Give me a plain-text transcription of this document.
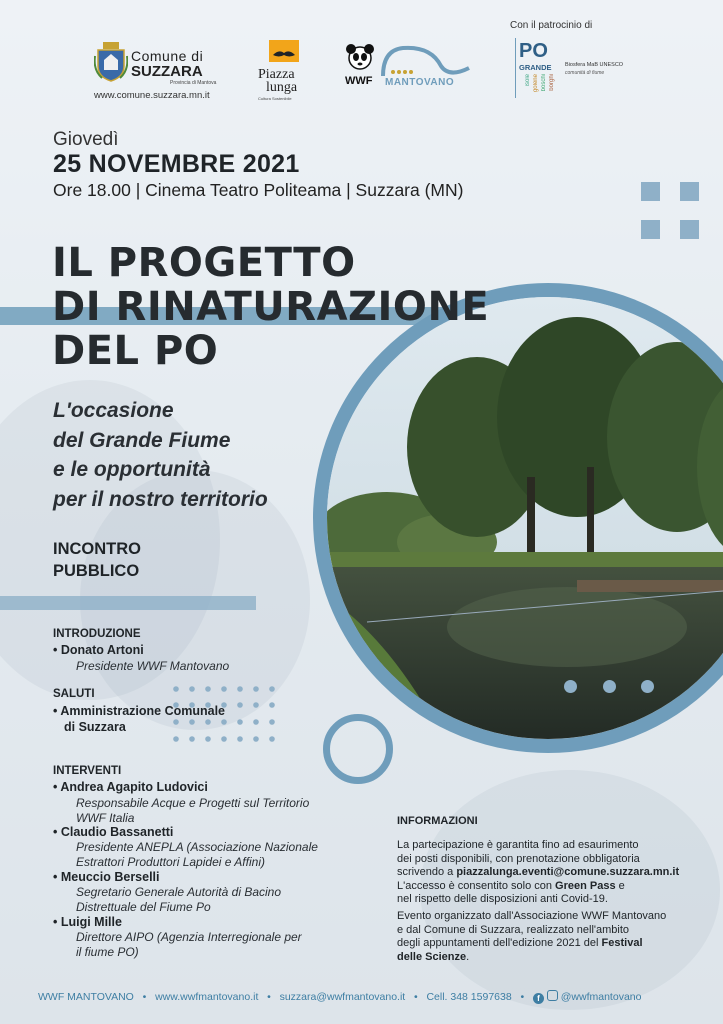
Comune di
SUZZARA
Provincia di Mantova
www.comune.suzzara.mn.it
Piazza
lunga
Cultura Sostenibile
WWF MANTOVANO
Con il patrocinio di
PO
GRANDE
isole golene boschi borghi
Biosfera MaB UNESCO
comunità di fiume
Giovedì
25 NOVEMBRE 2021
Ore 18.00 | Cinema Teatro Politeama | Suzzara (MN)
IL PROGETTO
DI RINATURAZIONE
DEL PO
L'occasione
del Grande Fiume
e le opportunità
per il nostro territorio
INCONTRO
PUBBLICO
INTRODUZIONE
• Donato Artoni
Presidente WWF Mantovano
SALUTI
• Amministrazione Comunale
di Suzzara
INTERVENTI
• Andrea Agapito Ludovici
Responsabile Acque e Progetti sul Territorio
WWF Italia
• Claudio Bassanetti
Presidente ANEPLA (Associazione Nazionale
Estrattori Produttori Lapidei e Affini)
• Meuccio Berselli
Segretario Generale Autorità di Bacino
Distrettuale del Fiume Po
• Luigi Mille
Direttore AIPO (Agenzia Interregionale per
il fiume PO)
INFORMAZIONI
La partecipazione è garantita fino ad esaurimento
dei posti disponibili, con prenotazione obbligatoria
scrivendo a piazzalunga.eventi@comune.suzzara.mn.it
L'accesso è consentito solo con Green Pass e
nel rispetto delle disposizioni anti Covid-19.
Evento organizzato dall'Associazione WWF Mantovano
e dal Comune di Suzzara, realizzato nell'ambito
degli appuntamenti dell'edizione 2021 del Festival
delle Scienze.
WWF MANTOVANO • www.wwfmantovano.it • suzzara@wwfmantovano.it • Cell. 348 1597638 • f @wwfmantovano
